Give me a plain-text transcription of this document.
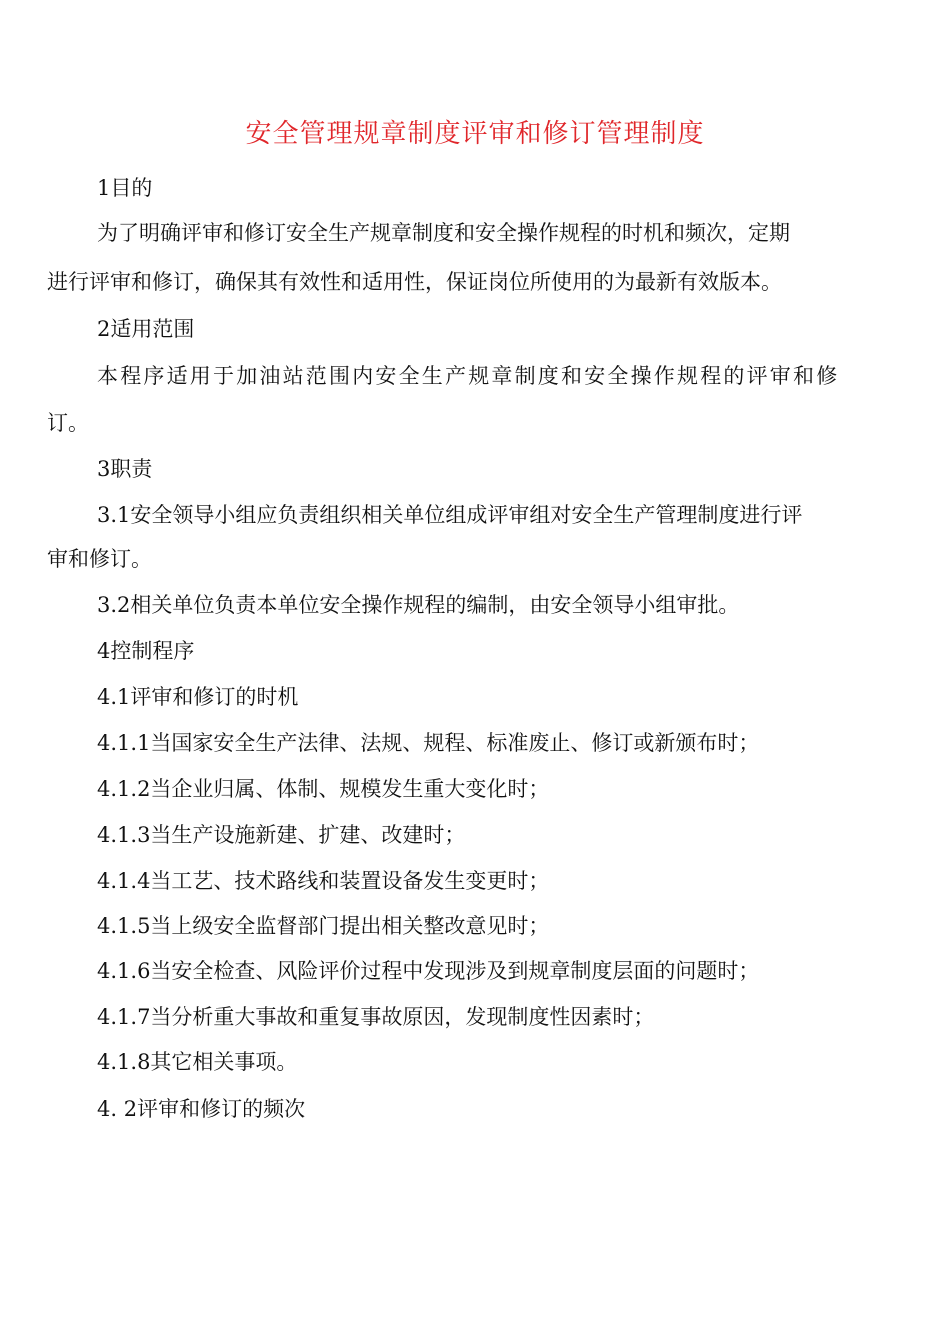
安全管理规章制度评审和修订管理制度
1目的
为了明确评审和修订安全生产规章制度和安全操作规程的时机和频次，定期
进行评审和修订，确保其有效性和适用性，保证岗位所使用的为最新有效版本。
2适用范围
本程序适用于加油站范围内安全生产规章制度和安全操作规程的评审和修
订。
3职责
3.1安全领导小组应负责组织相关单位组成评审组对安全生产管理制度进行评
审和修订。
3.2相关单位负责本单位安全操作规程的编制，由安全领导小组审批。
4控制程序
4.1评审和修订的时机
4.1.1当国家安全生产法律、法规、规程、标准废止、修订或新颁布时；
4.1.2当企业归属、体制、规模发生重大变化时；
4.1.3当生产设施新建、扩建、改建时；
4.1.4当工艺、技术路线和装置设备发生变更时；
4.1.5当上级安全监督部门提出相关整改意见时；
4.1.6当安全检查、风险评价过程中发现涉及到规章制度层面的问题时；
4.1.7当分析重大事故和重复事故原因，发现制度性因素时；
4.1.8其它相关事项。
4. 2评审和修订的频次
